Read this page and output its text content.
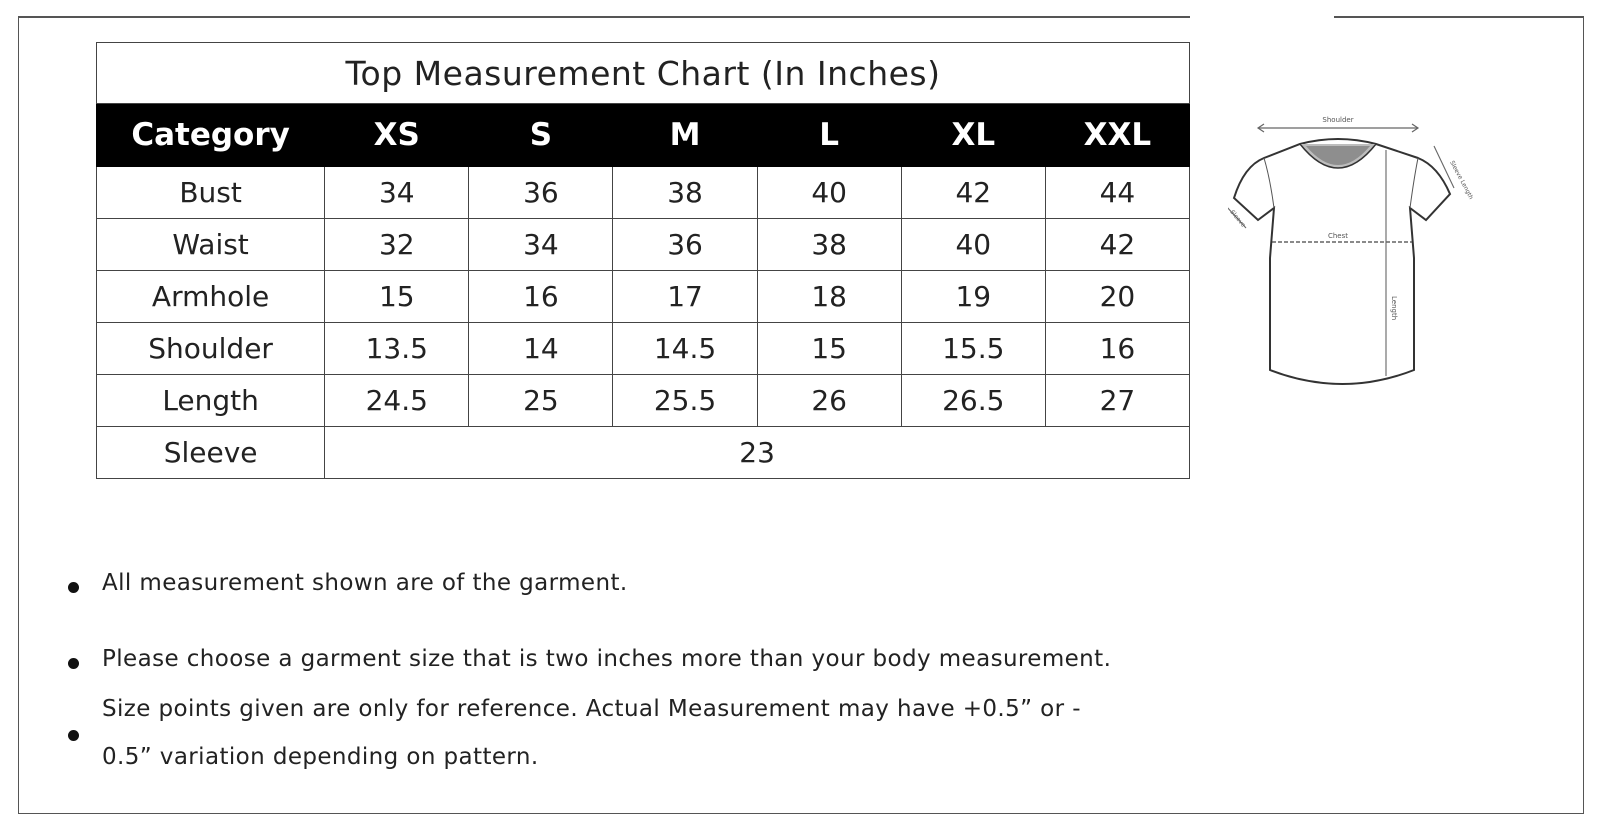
Top Measurement Chart (In Inches)						
Category	XS	S	M	L	XL	XXL
Bust	34	36	38	40	42	44
Waist	32	34	36	38	40	42
Armhole	15	16	17	18	19	20
Shoulder	13.5	14	14.5	15	15.5	16
Length	24.5	25	25.5	26	26.5	27
Sleeve	23					
Shoulder
Sleeve Length
Sleeve
Chest
Length
All measurement shown are of the garment.
Please choose a garment size that is two inches more than your body measurement.
Size points given are only for reference. Actual Measurement may have +0.5” or -
0.5” variation depending on pattern.
